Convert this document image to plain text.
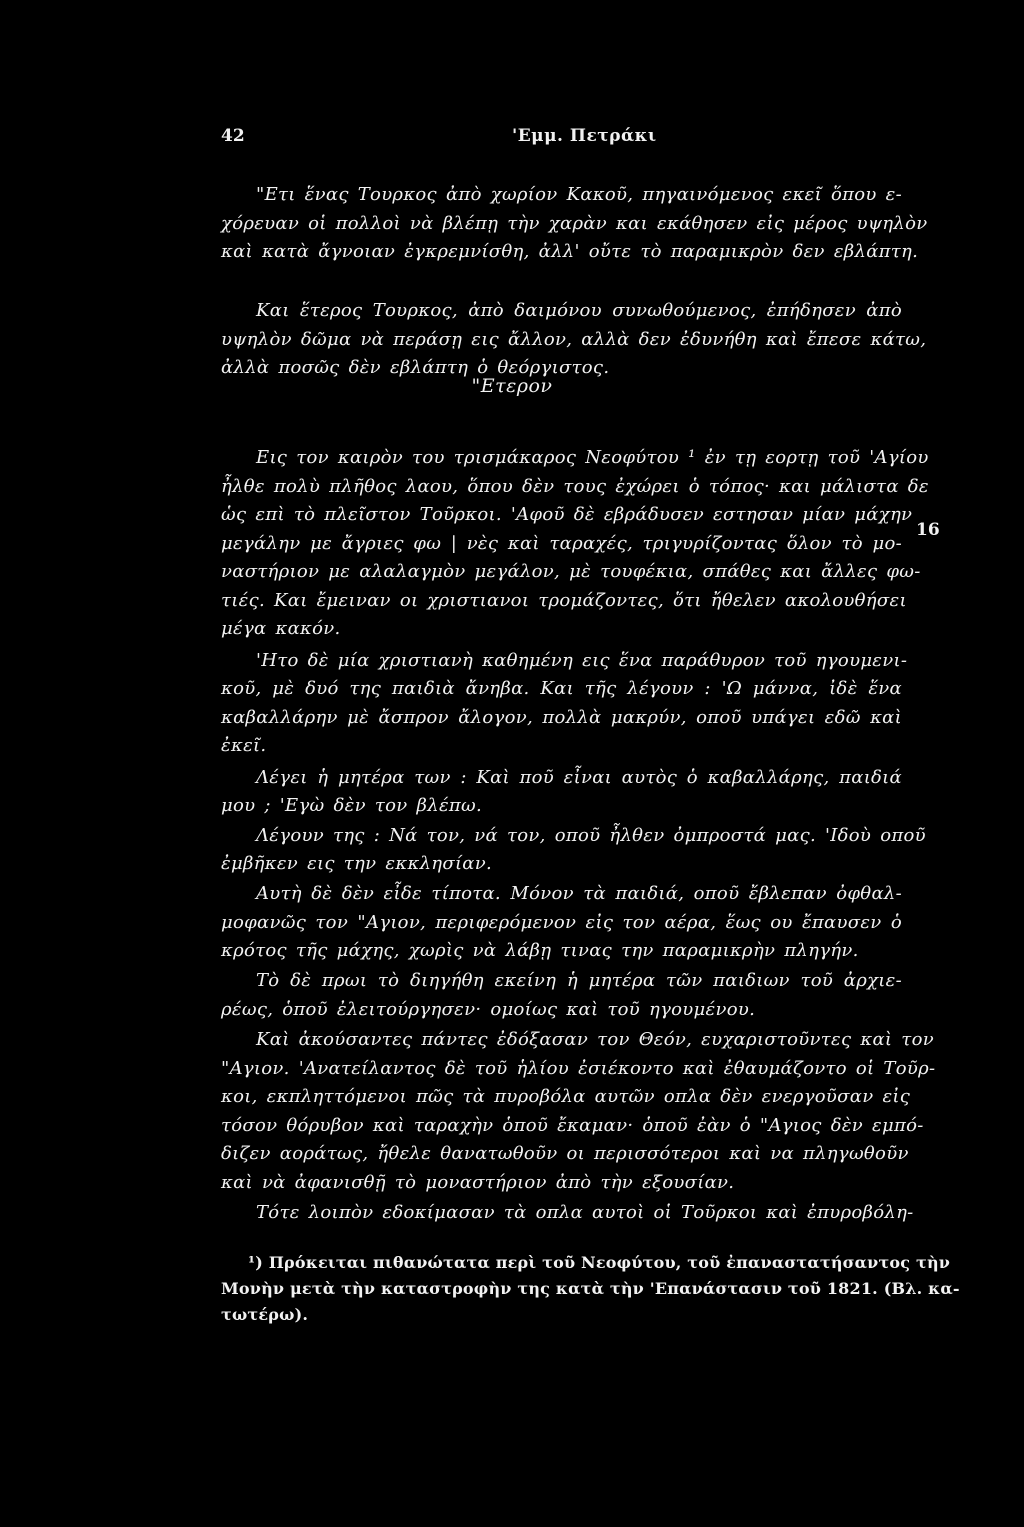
42	'Εμμ. Πετράκι
"Ετι ἕνας Τουρκος ἀπὸ χωρίον Κακοῦ, πηγαινόμενος εκεῖ ὅπου ε-
χόρευαν οἱ πολλοὶ νὰ βλέπῃ τὴν χαρὰν και εκάθησεν εἰς μέρος υψηλὸν
καὶ κατὰ ἄγνοιαν ἐγκρεμνίσθη, ἀλλ' οὔτε τὸ παραμικρὸν δεν εβλάπτη.
Και ἕτερος Τουρκος, ἀπὸ δαιμόνου συνωθούμενος, ἐπήδησεν ἀπὸ
υψηλὸν δῶμα νὰ περάσῃ εις ἄλλον, αλλὰ δεν ἐδυνήθη καὶ ἔπεσε κάτω,
ἀλλὰ ποσῶς δὲν εβλάπτη ὁ θεόργιστος.
"Ετερον
Εις τον καιρὸν του τρισμάκαρος Νεοφύτου ¹ ἐν τῃ εορτῃ τοῦ 'Αγίου
ἦλθε πολὺ πλῆθος λαου, ὅπου δὲν τους ἐχώρει ὁ τόπος· και μάλιστα δε
ὡς επὶ τὸ πλεῖστον Τοῦρκοι. 'Αφοῦ δὲ εβράδυσεν εστησαν μίαν μάχην
μεγάλην με ἄγριες φω | νὲς καὶ ταραχές, τριγυρίζοντας ὅλον τὸ μο-
ναστήριον με αλαλαγμὸν μεγάλον, μὲ τουφέκια, σπάθες και ἄλλες φω-
τιές. Και ἔμειναν οι χριστιανοι τρομάζοντες, ὅτι ἤθελεν ακολουθήσει
μέγα κακόν.
16
'Ητο δὲ μία χριστιανὴ καθημένη εις ἕνα παράθυρον τοῦ ηγουμενι-
κοῦ, μὲ δυό της παιδιὰ ἄνηβα. Και τῆς λέγουν : 'Ω μάννα, ἰδὲ ἕνα
καβαλλάρην μὲ ἄσπρον ἄλογον, πολλὰ μακρύν, οποῦ υπάγει εδῶ καὶ
ἐκεῖ.
Λέγει ἡ μητέρα των : Καὶ ποῦ εἶναι αυτὸς ὁ καβαλλάρης, παιδιά
μου ; 'Εγὼ δὲν τον βλέπω.
Λέγουν της : Νά τον, νά τον, οποῦ ἦλθεν ὀμπροστά μας. 'Ιδοὺ οποῦ
ἐμβῆκεν εις την εκκλησίαν.
Αυτὴ δὲ δὲν εἶδε τίποτα. Μόνον τὰ παιδιά, οποῦ ἔβλεπαν ὀφθαλ-
μοφανῶς τον "Αγιον, περιφερόμενον εἰς τον αέρα, ἕως ου ἔπαυσεν ὁ
κρότος τῆς μάχης, χωρὶς νὰ λάβῃ τινας την παραμικρὴν πληγήν.
Τὸ δὲ πρωι τὸ διηγήθη εκείνη ἡ μητέρα τῶν παιδιων τοῦ ἀρχιε-
ρέως, ὁποῦ ἐλειτούργησεν· ομοίως καὶ τοῦ ηγουμένου.
Καὶ ἀκούσαντες πάντες ἐδόξασαν τον Θεόν, ευχαριστοῦντες καὶ τον
"Αγιον. 'Ανατείλαντος δὲ τοῦ ἡλίου ἐσιέκοντο καὶ ἐθαυμάζοντο οἱ Τοῦρ-
κοι, εκπληττόμενοι πῶς τὰ πυροβόλα αυτῶν οπλα δὲν ενεργοῦσαν εἰς
τόσον θόρυβον καὶ ταραχὴν ὁποῦ ἔκαμαν· ὁποῦ ἐὰν ὁ "Αγιος δὲν εμπό-
διζεν αοράτως, ἤθελε θανατωθοῦν οι περισσότεροι καὶ να πληγωθοῦν
καὶ νὰ ἀφανισθῇ τὸ μοναστήριον ἀπὸ τὴν εξουσίαν.
Τότε λοιπὸν εδοκίμασαν τὰ οπλα αυτοὶ οἱ Τοῦρκοι καὶ ἐπυροβόλη-
¹) Πρόκειται πιθανώτατα περὶ τοῦ Νεοφύτου, τοῦ ἐπαναστατήσαντος τὴν
Μονὴν μετὰ τὴν καταστροφὴν της κατὰ τὴν 'Επανάστασιν τοῦ 1821. (Βλ. κα-
τωτέρω).
